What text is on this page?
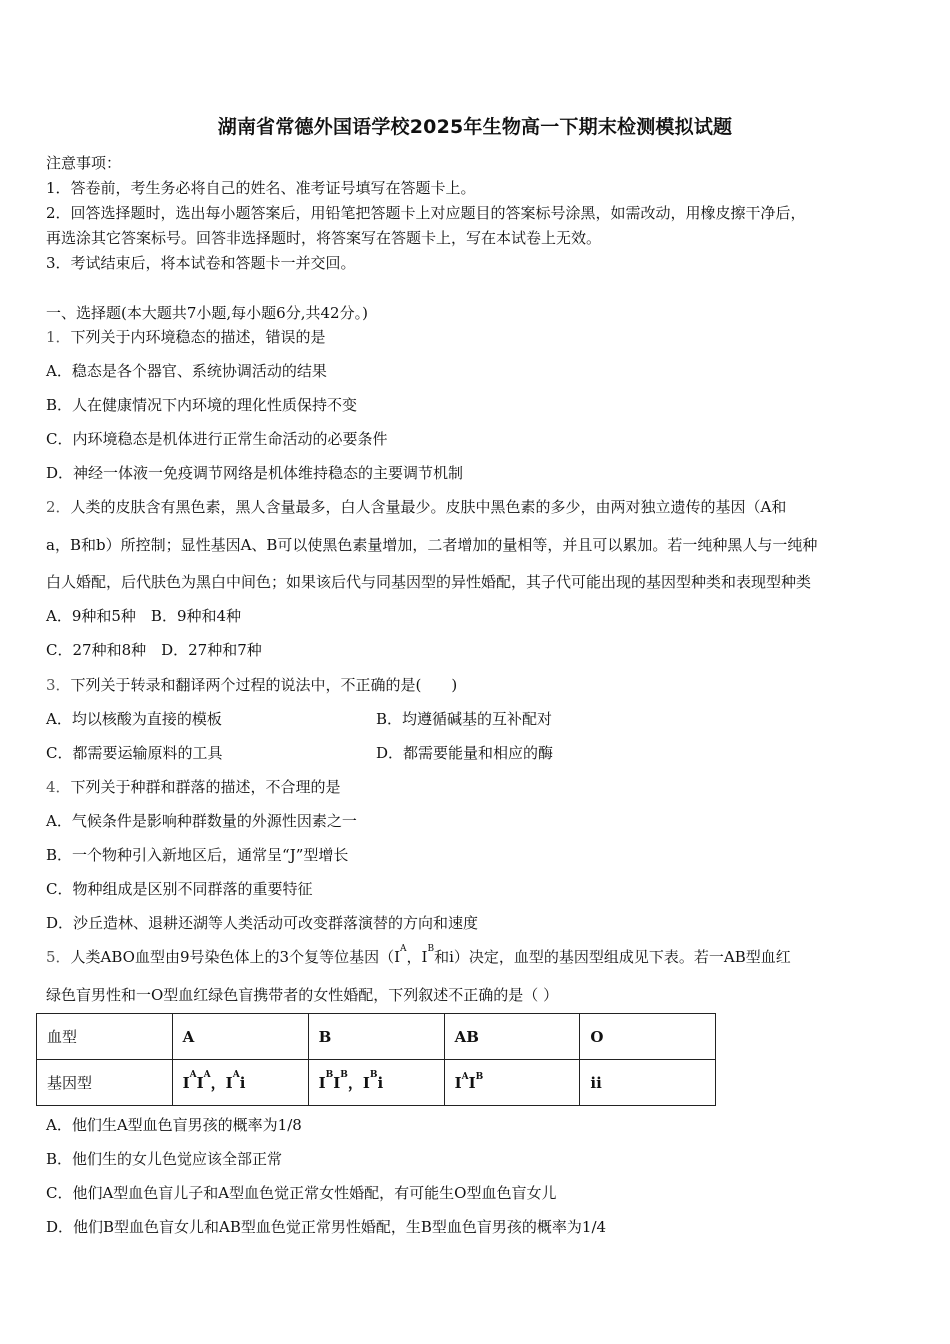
湖南省常德外国语学校2025年生物高一下期末检测模拟试题
注意事项：
1．答卷前，考生务必将自己的姓名、准考证号填写在答题卡上。
2．回答选择题时，选出每小题答案后，用铅笔把答题卡上对应题目的答案标号涂黑，如需改动，用橡皮擦干净后，
再选涂其它答案标号。回答非选择题时，将答案写在答题卡上，写在本试卷上无效。
3．考试结束后，将本试卷和答题卡一并交回。
一、选择题(本大题共7小题,每小题6分,共42分。)
1．下列关于内环境稳态的描述，错误的是
A．稳态是各个器官、系统协调活动的结果
B．人在健康情况下内环境的理化性质保持不变
C．内环境稳态是机体进行正常生命活动的必要条件
D．神经一体液一免疫调节网络是机体维持稳态的主要调节机制
2．人类的皮肤含有黑色素，黑人含量最多，白人含量最少。皮肤中黑色素的多少，由两对独立遗传的基因（A和
a，B和b）所控制；显性基因A、B可以使黑色素量增加，二者增加的量相等，并且可以累加。若一纯种黑人与一纯种
白人婚配，后代肤色为黑白中间色；如果该后代与同基因型的异性婚配，其子代可能出现的基因型种类和表现型种类
A．9种和5种　B．9种和4种
C．27种和8种　D．27种和7种
3．下列关于转录和翻译两个过程的说法中，不正确的是(　　)
A．均以核酸为直接的模板	B．均遵循碱基的互补配对
C．都需要运输原料的工具	D．都需要能量和相应的酶
4．下列关于种群和群落的描述，不合理的是
A．气候条件是影响种群数量的外源性因素之一
B．一个物种引入新地区后，通常呈“J”型增长
C．物种组成是区别不同群落的重要特征
D．沙丘造林、退耕还湖等人类活动可改变群落演替的方向和速度
5．人类ABO血型由9号染色体上的3个复等位基因（$I^A$，$I^B$和i）决定，血型的基因型组成见下表。若一AB型血红
绿色盲男性和一O型血红绿色盲携带者的女性婚配，下列叙述不正确的是（ ）
血型	A	B	AB	O
基因型	$I^AI^A$，$I^Ai$	$I^BI^B$，$I^Bi$	$I^AI^B$	ii
A．他们生A型血色盲男孩的概率为1/8
B．他们生的女儿色觉应该全部正常
C．他们A型血色盲儿子和A型血色觉正常女性婚配，有可能生O型血色盲女儿
D．他们B型血色盲女儿和AB型血色觉正常男性婚配，生B型血色盲男孩的概率为1/4
